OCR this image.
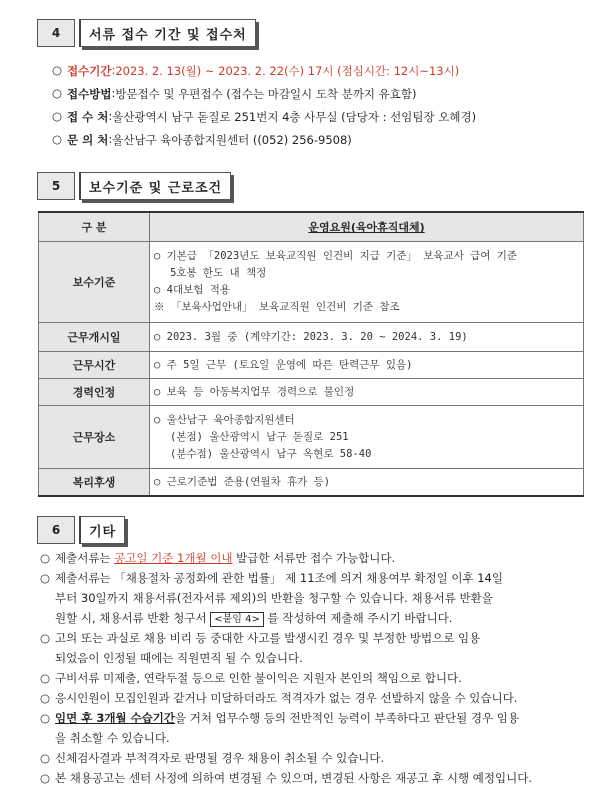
4	서류 접수 기간 및 접수처
○ 접수기간 : 2023. 2. 13(월) ~ 2023. 2. 22(수) 17시 (점심시간: 12시~13시)
○ 접수방법 : 방문접수 및 우편접수 (접수는 마감일시 도착 분까지 유효함)
○ 접 수 처 : 울산광역시 남구 돋질로 251번지 4층 사무실 (담당자 : 선임팀장 오혜경)
○ 문 의 처 : 울산남구 육아종합지원센터 ((052) 256-9508)
5	보수기준 및 근로조건
구 분	운영요원(육아휴직대체)
보수기준	○ 기본급 「2023년도 보육교직원 인건비 지급 기준」 보육교사 급여 기준
5호봉 한도 내 책정
○ 4대보험 적용
※ 「보육사업안내」 보육교직원 인건비 기준 참조

근무개시일	○ 2023. 3월 중 (계약기간: 2023. 3. 20 ~ 2024. 3. 19)
근무시간	○ 주 5일 근무 (토요일 운영에 따른 탄력근무 있음)
경력인정	○ 보육 등 아동복지업무 경력으로 불인정
근무장소	○ 울산남구 육아종합지원센터
(본점) 울산광역시 남구 돋질로 251
(분수점) 울산광역시 남구 옥현로 58-40

복리후생	○ 근로기준법 준용(연월차 휴가 등)
6	기타
○ 제출서류는 공고일 기준 1개월 이내 발급한 서류만 접수 가능합니다.
○ 제출서류는 「채용절차 공정화에 관한 법률」 제 11조에 의거 채용여부 확정일 이후 14일
부터 30일까지 채용서류(전자서류 제외)의 반환을 청구할 수 있습니다. 채용서류 반환을
원할 시, 채용서류 반환 청구서 <붙임 4> 를 작성하여 제출해 주시기 바랍니다.
○ 고의 또는 과실로 채용 비리 등 중대한 사고를 발생시킨 경우 및 부정한 방법으로 임용
되었음이 인정될 때에는 직원면직 될 수 있습니다.
○ 구비서류 미제출, 연락두절 등으로 인한 불이익은 지원자 본인의 책임으로 합니다.
○ 응시인원이 모집인원과 같거나 미달하더라도 적격자가 없는 경우 선발하지 않을 수 있습니다.
○ 임면 후 3개월 수습기간을 거쳐 업무수행 등의 전반적인 능력이 부족하다고 판단될 경우 임용
을 취소할 수 있습니다.
○ 신체검사결과 부적격자로 판명될 경우 채용이 취소될 수 있습니다.
○ 본 채용공고는 센터 사정에 의하여 변경될 수 있으며, 변경된 사항은 재공고 후 시행 예정입니다.
